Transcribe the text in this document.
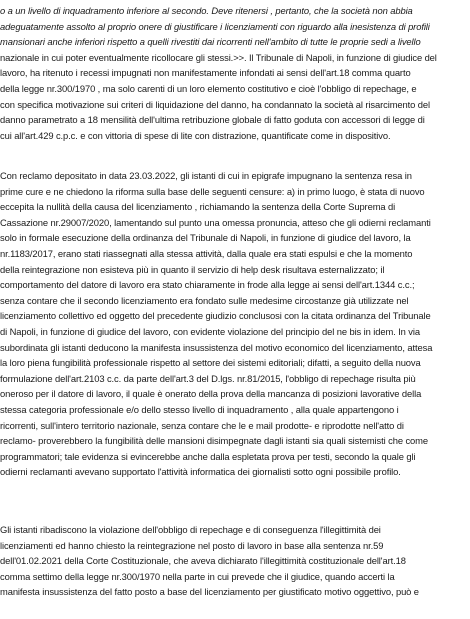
o a un livello di inquadramento inferiore al secondo. Deve ritenersi , pertanto, che la società non abbia
adeguatamente assolto al proprio onere di giustificare i licenziamenti con riguardo alla inesistenza di profili
mansionari anche inferiori rispetto a quelli rivestiti dai ricorrenti nell'ambito di tutte le proprie sedi a livello
nazionale in cui poter eventualmente ricollocare gli stessi.>>. Il Tribunale di Napoli, in funzione di giudice del
lavoro, ha ritenuto i recessi impugnati non manifestamente infondati ai sensi dell'art.18 comma quarto
della legge nr.300/1970 , ma solo carenti di un loro elemento costitutivo e cioè l'obbligo di repechage, e
con specifica motivazione sui criteri di liquidazione del danno, ha condannato la società al risarcimento del
danno parametrato a 18 mensilità dell'ultima retribuzione globale di fatto goduta con accessori di legge di
cui all'art.429 c.p.c. e con vittoria di spese di lite con distrazione, quantificate come in dispositivo.
Con reclamo depositato in data 23.03.2022, gli istanti di cui in epigrafe impugnano la sentenza resa in
prime cure e ne chiedono la riforma sulla base delle seguenti censure: a) in primo luogo, è stata di nuovo
eccepita la nullità della causa del licenziamento , richiamando la sentenza della Corte Suprema di
Cassazione nr.29007/2020, lamentando sul punto una omessa pronuncia, atteso che gli odierni reclamanti
solo in formale esecuzione della ordinanza del Tribunale di Napoli, in funzione di giudice del lavoro, la
nr.1183/2017, erano stati riassegnati alla stessa attività, dalla quale era stati espulsi e che la momento
della reintegrazione non esisteva più in quanto il servizio di help desk risultava esternalizzato; il
comportamento del datore di lavoro era stato chiaramente in frode alla legge ai sensi dell'art.1344 c.c.;
senza contare che il secondo licenziamento era fondato sulle medesime circostanze già utilizzate nel
licenziamento collettivo ed oggetto del precedente giudizio conclusosi con la citata ordinanza del Tribunale
di Napoli, in funzione di giudice del lavoro, con evidente violazione del principio del ne bis in idem. In via
subordinata gli istanti deducono la manifesta insussistenza del motivo economico del licenziamento, attesa
la loro piena fungibilità professionale rispetto al settore dei sistemi editoriali; difatti, a seguito della nuova
formulazione dell'art.2103 c.c. da parte dell'art.3 del D.lgs. nr.81/2015, l'obbligo di repechage risulta più
oneroso per il datore di lavoro, il quale è onerato della prova della mancanza di posizioni lavorative della
stessa categoria professionale e/o dello stesso livello di inquadramento , alla quale appartengono i
ricorrenti, sull'intero territorio nazionale, senza contare che le e mail prodotte- e riprodotte nell'atto di
reclamo- proverebbero la fungibilità delle mansioni disimpegnate dagli istanti sia quali sistemisti che come
programmatori; tale evidenza si evincerebbe anche dalla espletata prova per testi, secondo la quale gli
odierni reclamanti avevano supportato l'attività informatica dei giornalisti sotto ogni possibile profilo.
Gli istanti ribadiscono la violazione dell'obbligo di repechage e di conseguenza l'illegittimità dei
licenziamenti ed hanno chiesto la reintegrazione nel posto di lavoro in base alla sentenza nr.59
dell'01.02.2021 della Corte Costituzionale, che aveva dichiarato l'illegittimità costituzionale dell'art.18
comma settimo della legge nr.300/1970 nella parte in cui prevede che il giudice, quando accerti la
manifesta insussistenza del fatto posto a base del licenziamento per giustificato motivo oggettivo, può e
